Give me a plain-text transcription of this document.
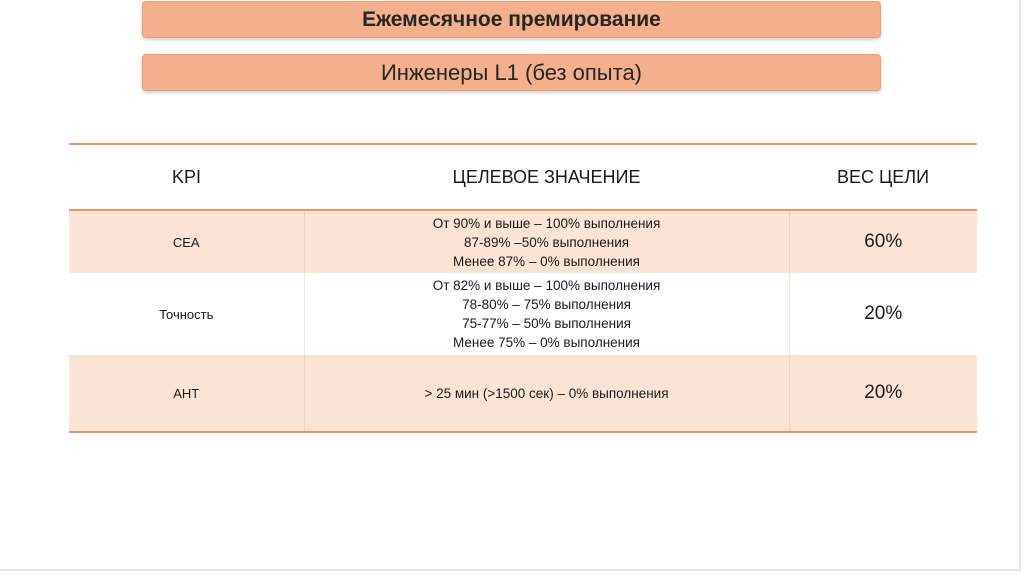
Ежемесячное премирование
Инженеры L1 (без опыта)
KPI	ЦЕЛЕВОЕ ЗНАЧЕНИЕ	ВЕС ЦЕЛИ
CEA	От 90% и выше – 100% выполнения
87-89% –50% выполнения
Менее 87% – 0% выполнения	60%
Точность	От 82% и выше – 100% выполнения
78-80% – 75% выполнения
75-77% – 50% выполнения
Менее 75% – 0% выполнения	20%
АНТ	> 25 мин (>1500 сек) – 0% выполнения	20%
